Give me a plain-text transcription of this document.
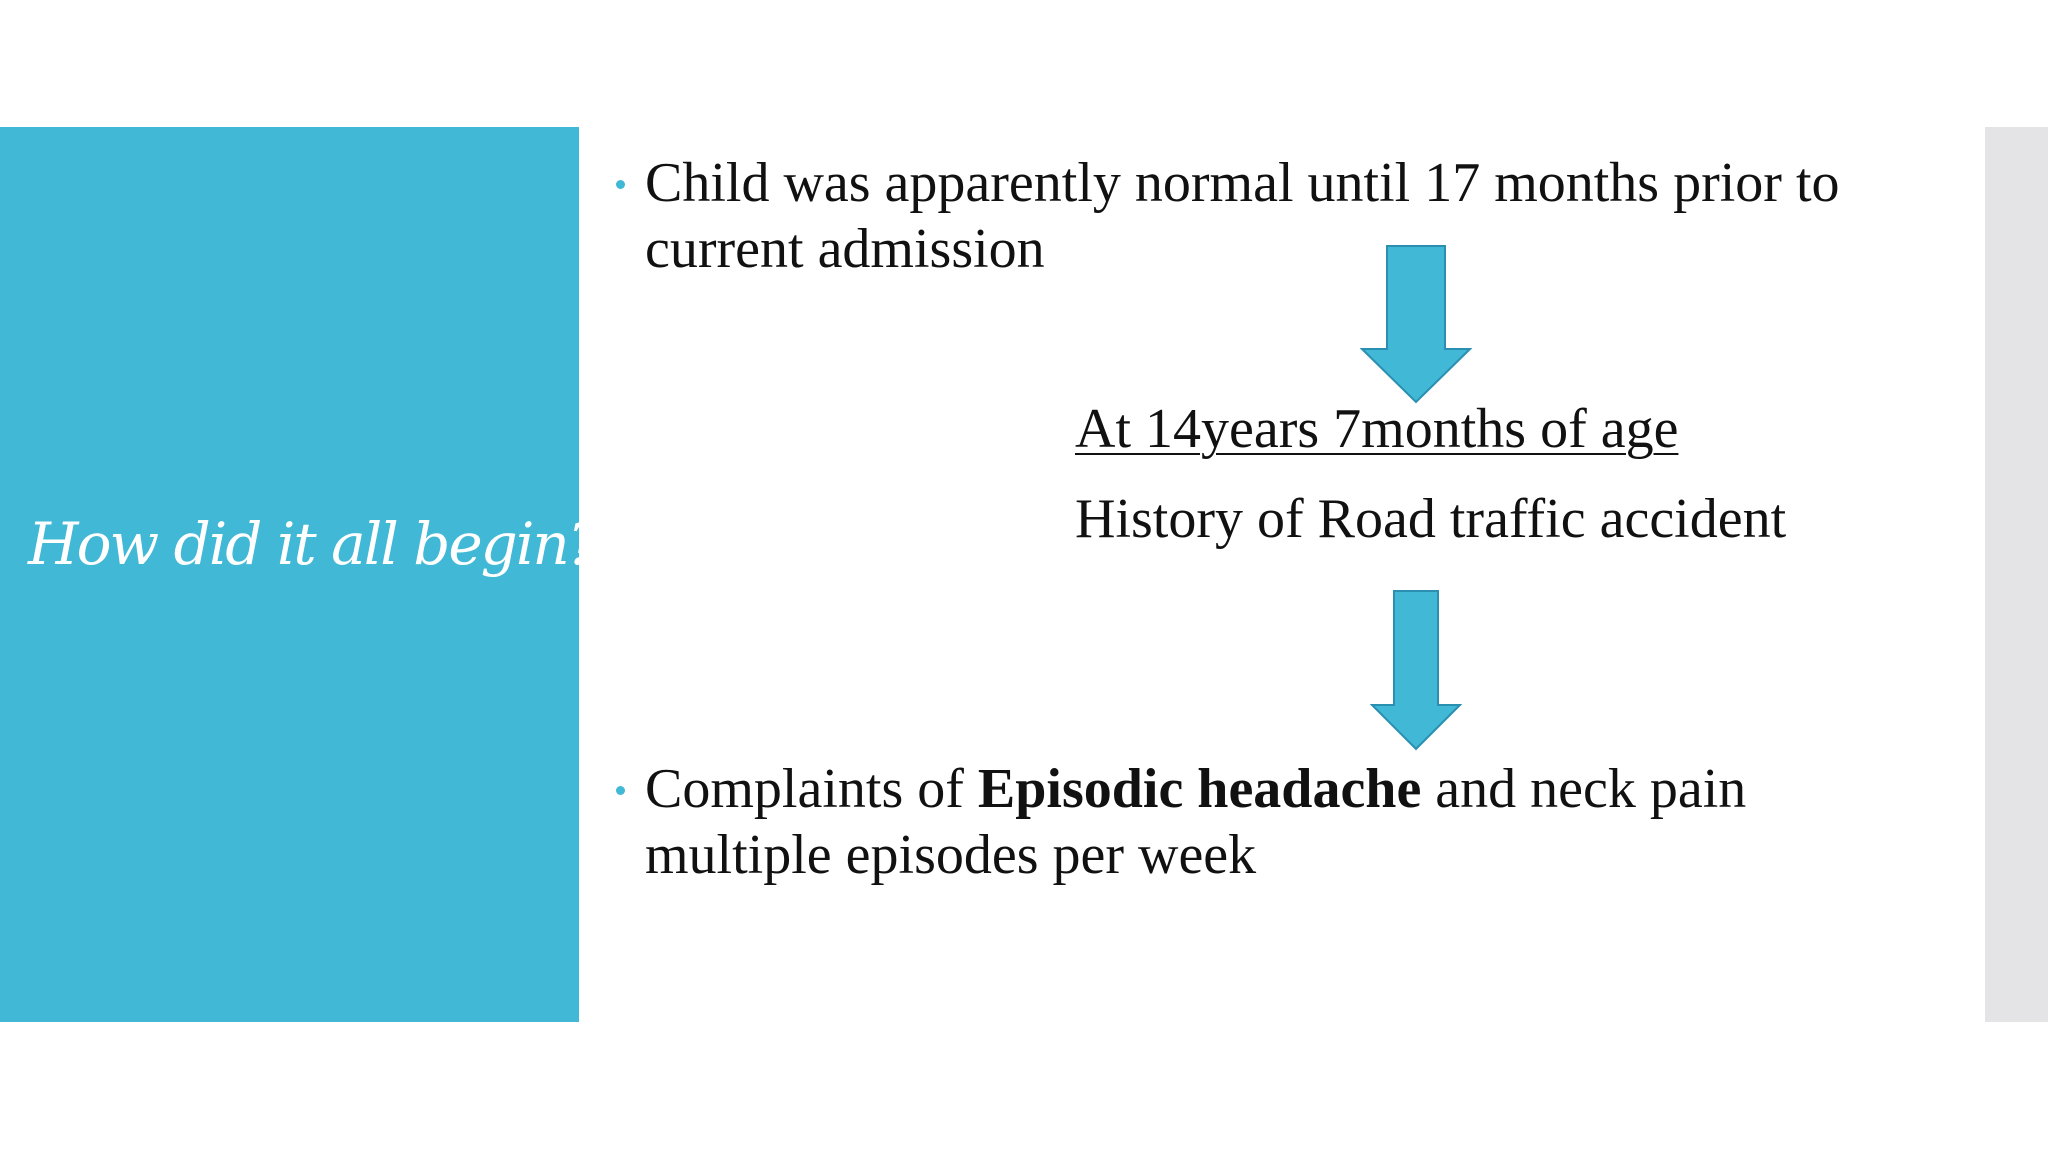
How did it all begin?
Child was apparently normal until 17 months prior to
current admission
At 14years 7months of age
History of Road traffic accident
Complaints of Episodic headache and neck pain
multiple episodes per week
